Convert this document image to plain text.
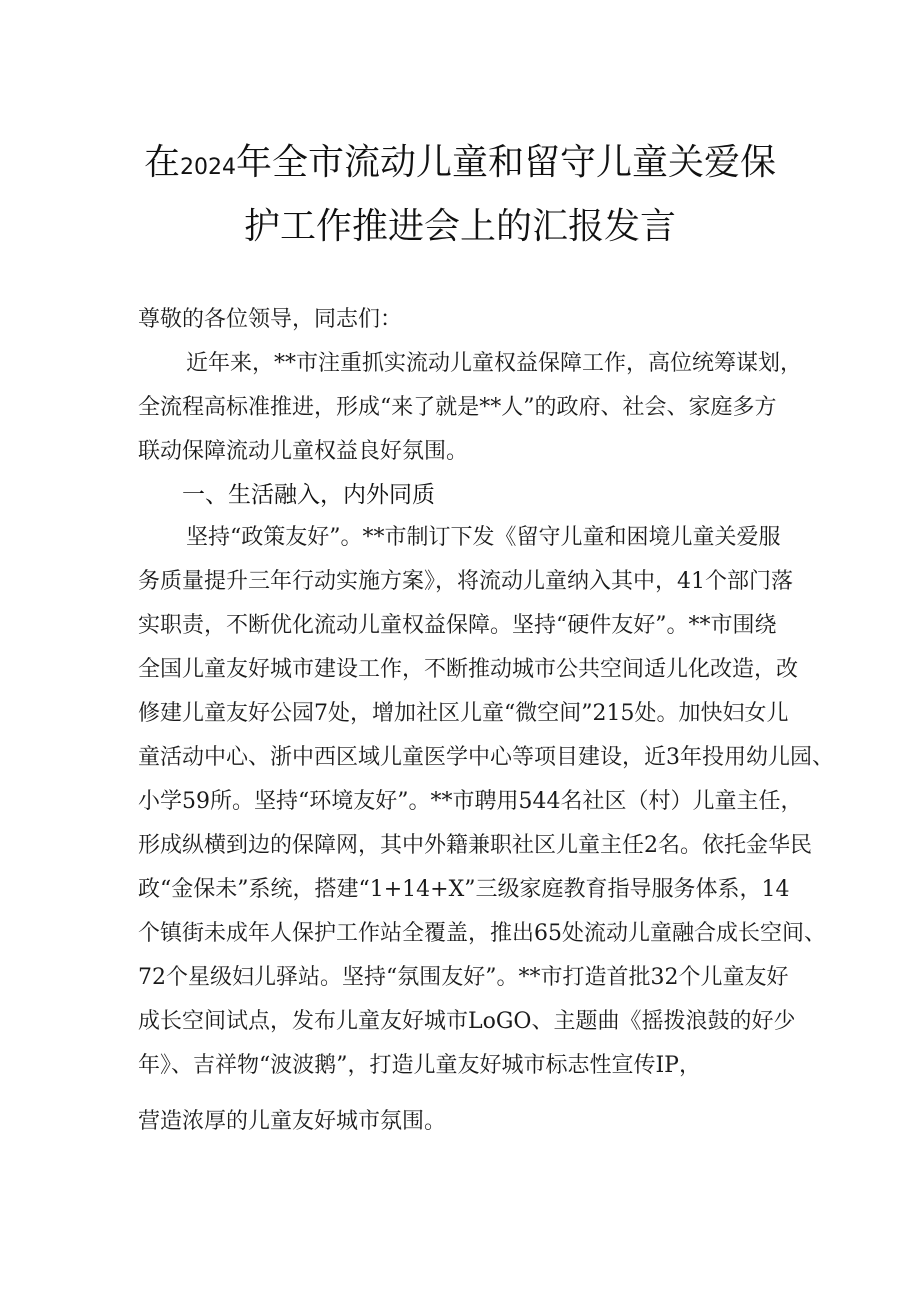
在2024年全市流动儿童和留守儿童关爱保
护工作推进会上的汇报发言
尊敬的各位领导，同志们：
近年来，**市注重抓实流动儿童权益保障工作，高位统筹谋划，
全流程高标准推进，形成“来了就是**人”的政府、社会、家庭多方
联动保障流动儿童权益良好氛围。
一、生活融入，内外同质
坚持“政策友好”。**市制订下发《留守儿童和困境儿童关爱服
务质量提升三年行动实施方案》，将流动儿童纳入其中，41个部门落
实职责，不断优化流动儿童权益保障。坚持“硬件友好”。**市围绕
全国儿童友好城市建设工作，不断推动城市公共空间适儿化改造，改
修建儿童友好公园7处，增加社区儿童“微空间”215处。加快妇女儿
童活动中心、浙中西区域儿童医学中心等项目建设，近3年投用幼儿园、
小学59所。坚持“环境友好”。**市聘用544名社区（村）儿童主任，
形成纵横到边的保障网，其中外籍兼职社区儿童主任2名。依托金华民
政“金保未”系统，搭建“1+14+X”三级家庭教育指导服务体系，14
个镇街未成年人保护工作站全覆盖，推出65处流动儿童融合成长空间、
72个星级妇儿驿站。坚持“氛围友好”。**市打造首批32个儿童友好
成长空间试点，发布儿童友好城市LoGO、主题曲《摇拨浪鼓的好少
年》、吉祥物“波波鹅”，打造儿童友好城市标志性宣传IP，
营造浓厚的儿童友好城市氛围。
